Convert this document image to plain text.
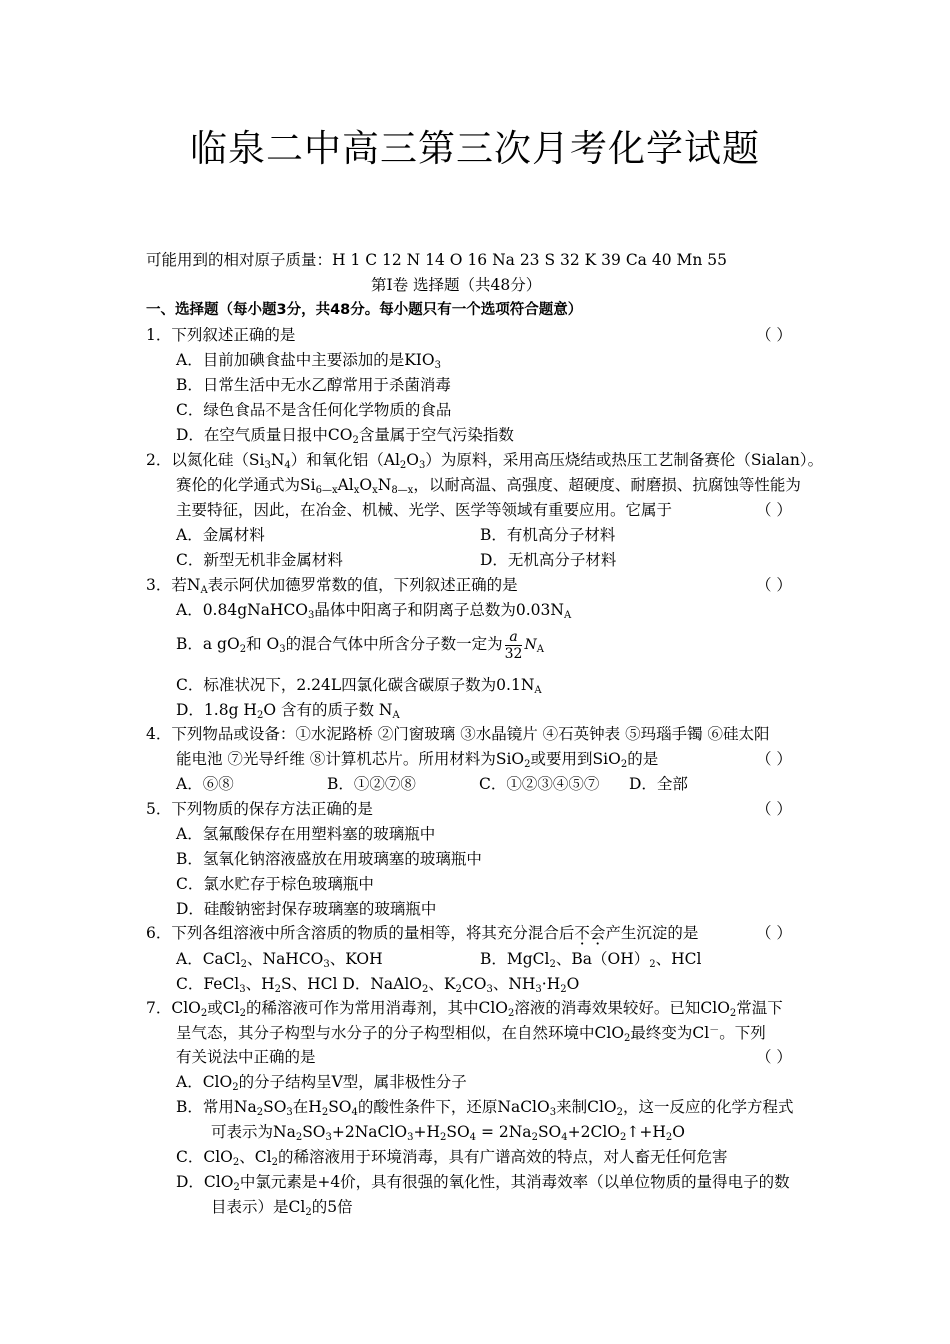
临泉二中高三第三次月考化学试题
可能用到的相对原子质量：H 1 C 12 N 14 O 16 Na 23 S 32 K 39 Ca 40 Mn 55
第Ⅰ卷 选择题（共48分）
一、选择题（每小题3分，共48分。每小题只有一个选项符合题意）
1．下列叙述正确的是	（ ）
A．目前加碘食盐中主要添加的是$KIO_3$
B．日常生活中无水乙醇常用于杀菌消毒
C．绿色食品不是含任何化学物质的食品
D．在空气质量日报中$CO_2$含量属于空气污染指数
2．以氮化硅$(Si_3N_4)$和氧化铝$(Al_2O_3)$为原料，采用高压烧结或热压工艺制备赛伦（Sialan）。
赛伦的化学通式为$Si_{6—x}Al_xO_xN_{8—x}$，以耐高温、高强度、超硬度、耐磨损、抗腐蚀等性能为
主要特征，因此，在冶金、机械、光学、医学等领域有重要应用。它属于	（ ）
A．金属材料	B．有机高分子材料
C．新型无机非金属材料	D．无机高分子材料
3．若$N_A$表示阿伏加德罗常数的值，下列叙述正确的是	（ ）
A．0.84gNaHCO$_3$晶体中阳离子和阴离子总数为$0.03N_A$
B．a $gO_2$和 $O_3$的混合气体中所含分子数一定为 $\frac{a}{32} N_A$
C．标准状况下，2.24L四氯化碳含碳原子数为$0.1N_A$
D．1.8g $H_2O$ 含有的质子数 $N_A$
4．下列物品或设备：①水泥路桥 ②门窗玻璃 ③水晶镜片 ④石英钟表 ⑤玛瑙手镯 ⑥硅太阳
能电池 ⑦光导纤维 ⑧计算机芯片。所用材料为SiO$_2$或要用到SiO$_2$的是	（ ）
A．⑥⑧	B．①②⑦⑧	C．①②③④⑤⑦ D．全部
5．下列物质的保存方法正确的是	（ ）
A．氢氟酸保存在用塑料塞的玻璃瓶中
B．氢氧化钠溶液盛放在用玻璃塞的玻璃瓶中
C．氯水贮存于棕色玻璃瓶中
D．硅酸钠密封保存玻璃塞的玻璃瓶中
6．下列各组溶液中所含溶质的物质的量相等，将其充分混合后不会产生沉淀的是	（ ）
A．CaCl$_2$、NaHCO$_3$、KOH	B．MgCl$_2$、$Ba(OH)_2$、HCl
C．FeCl$_3$、$H_2S$、HCl D．NaAlO$_2$、$K_2CO_3$、$NH_3\cdot H_2O$
7．ClO$_2$或$Cl_2$的稀溶液可作为常用消毒剂，其中ClO$_2$溶液的消毒效果较好。已知ClO$_2$常温下
呈气态，其分子构型与水分子的分子构型相似，在自然环境中ClO$_2$最终变为Cl－。下列
有关说法中正确的是	（ ）
A．ClO$_2$的分子结构呈V型，属非极性分子
B．常用$Na_2SO_3$在$H_2SO_4$的酸性条件下，还原NaClO$_3$来制ClO$_2$，这一反应的化学方程式
可表示为$Na_2SO_3+2NaClO_3+H_2SO_4$ = $2Na_2SO_4+2ClO_2↑+H_2O$
C．ClO$_2$、$Cl_2$的稀溶液用于环境消毒，具有广谱高效的特点，对人畜无任何危害
D．ClO$_2$中氯元素是+4价，具有很强的氧化性，其消毒效率（以单位物质的量得电子的数
目表示）是$Cl_2$的5倍
